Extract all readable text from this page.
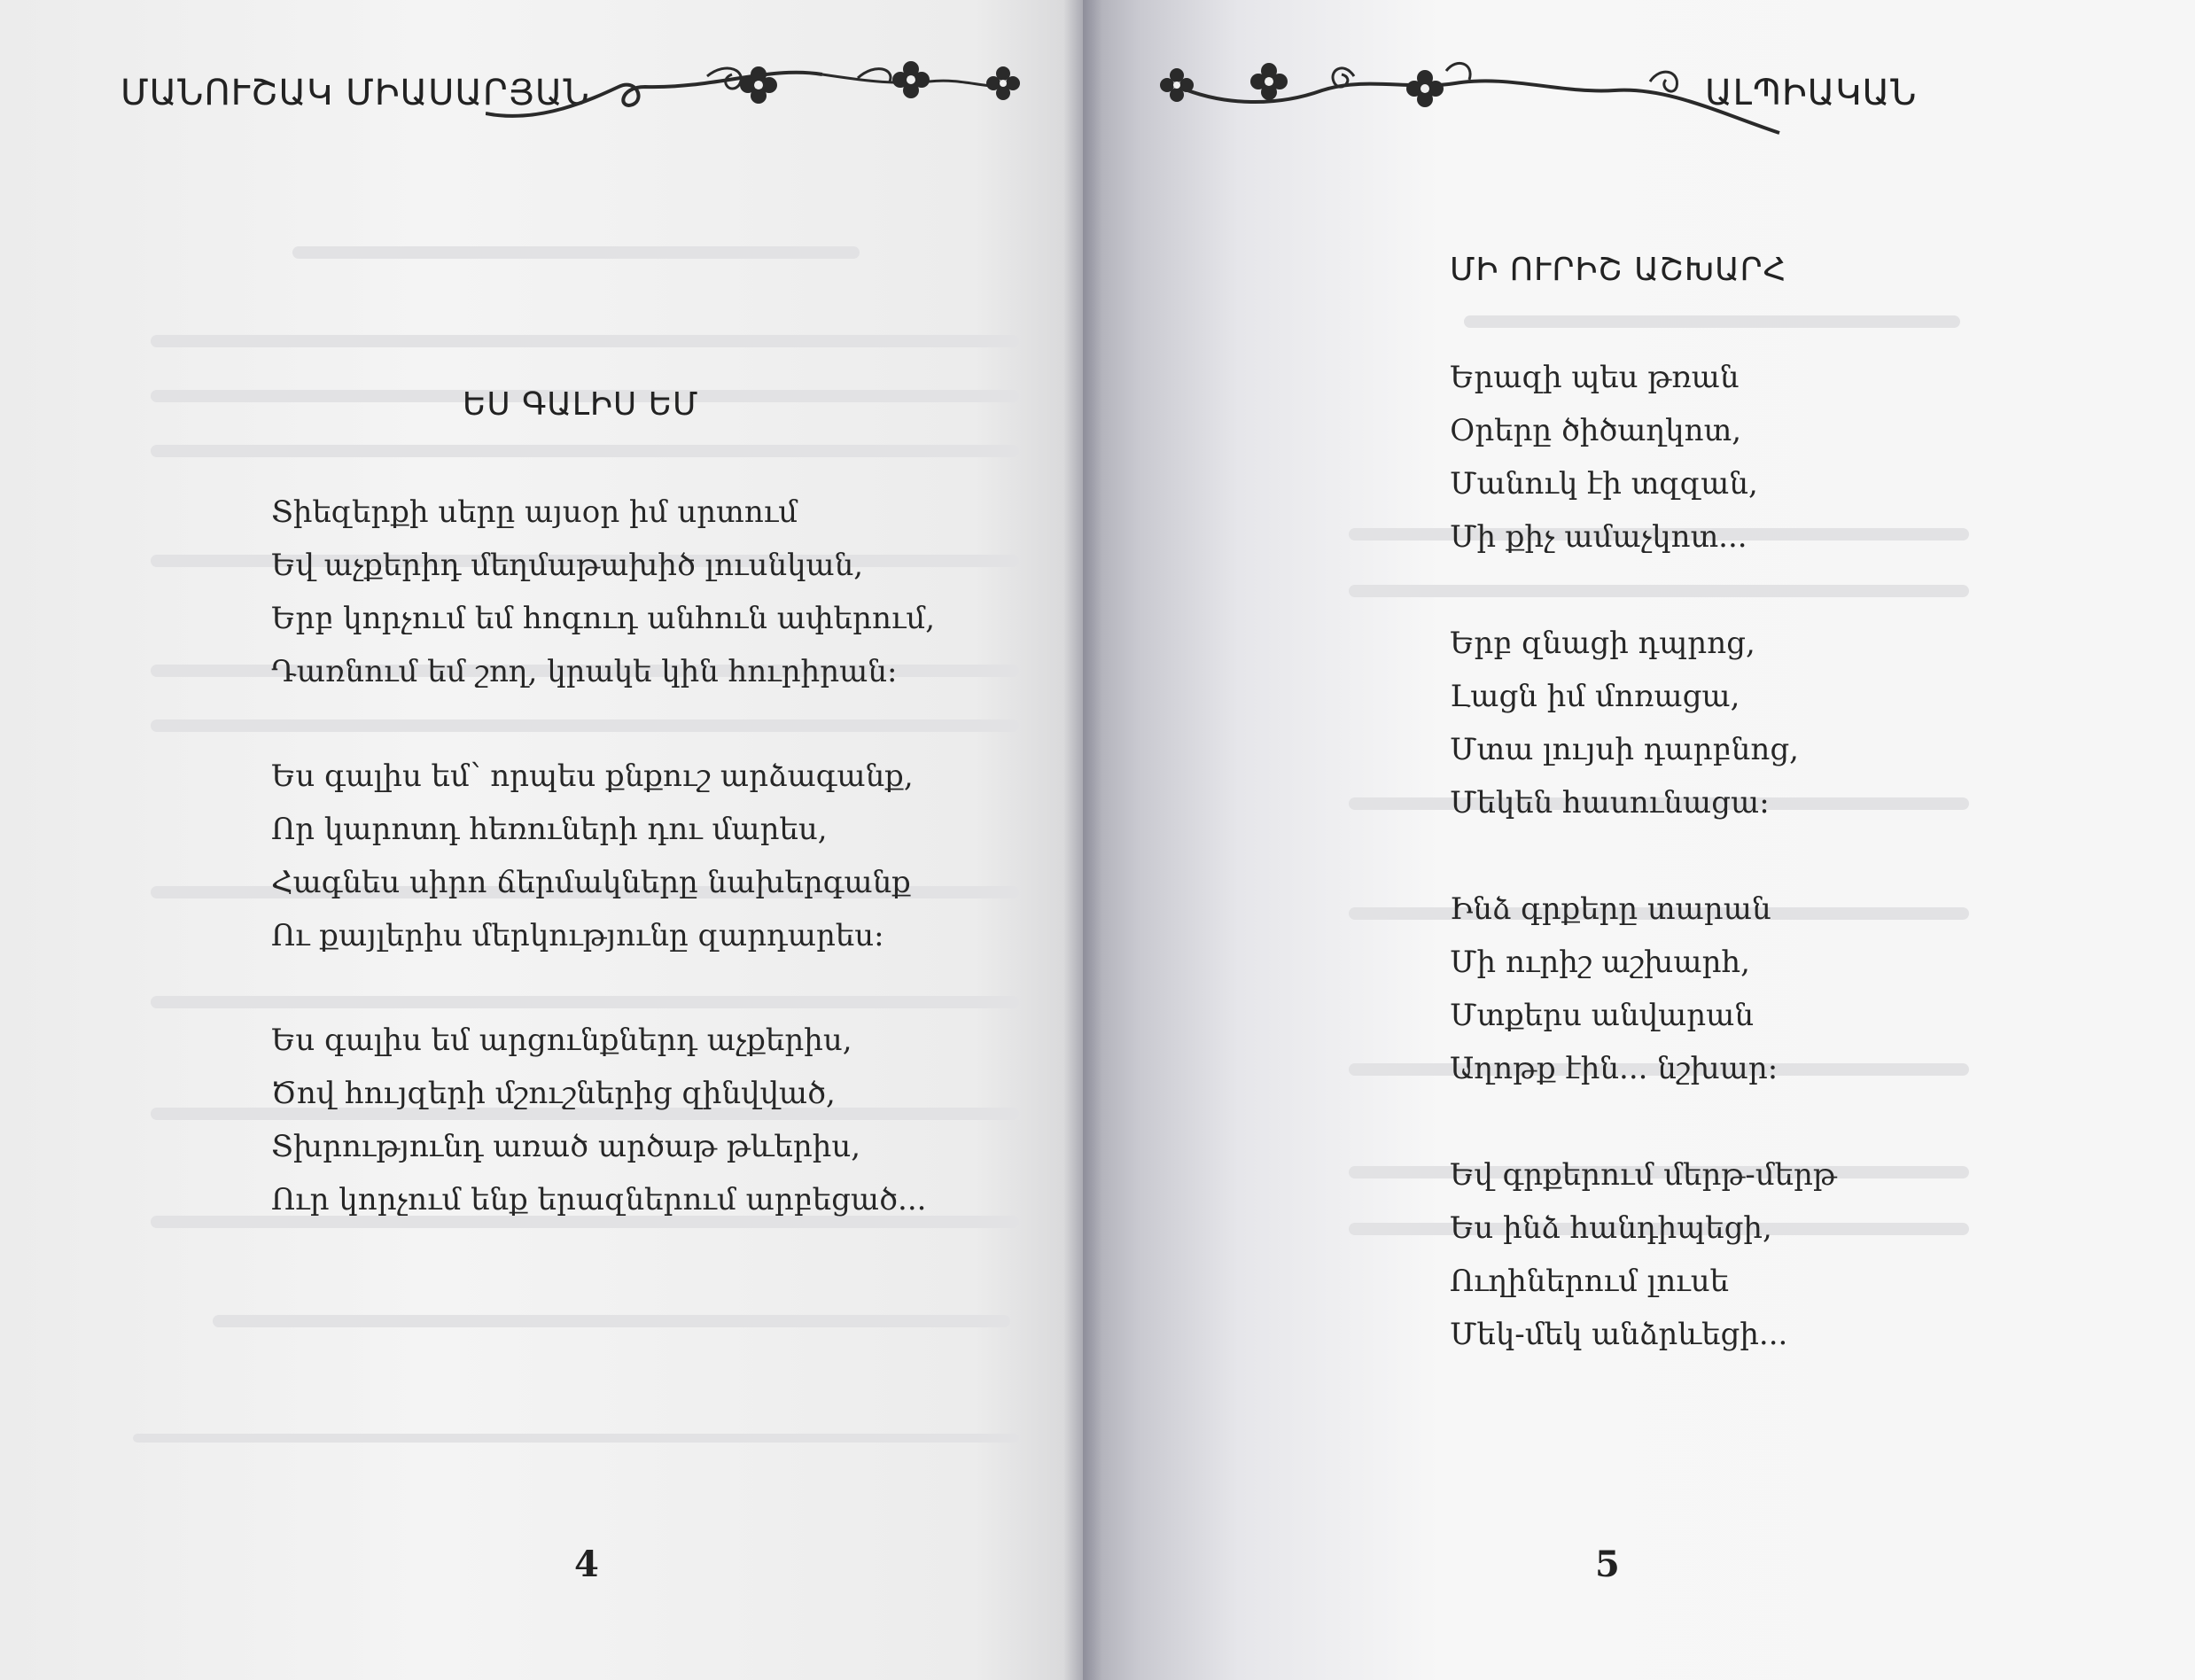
ՄԱՆՈՒՇԱԿ ՄԻԱՍԱՐՅԱՆ
ԵՍ ԳԱԼԻՍ ԵՄ
Տիեզերքի սերը այսօր իմ սրտում
Եվ աչքերիդ մեղմաթախիծ լուսնկան,
Երբ կորչում եմ հոգուդ անհուն ափերում,
Դառնում եմ շող, կրակե կին հուրիրան։
Ես գալիս եմ՝ որպես քնքուշ արձագանք,
Որ կարոտդ հեռուների դու մարես,
Հագնես սիրո ճերմակները նախերգանք
Ու քայլերիս մերկությունը զարդարես։
Ես գալիս եմ արցունքներդ աչքերիս,
Ծով հույզերի մշուշներից զինվված,
Տխրությունդ առած արծաթ թևերիս,
Ուր կորչում ենք երազներում արբեցած...
4
ԱԼՊԻԱԿԱՆ
ՄԻ ՈՒՐԻՇ ԱՇԽԱՐՀ
Երազի պես թռան
Օրերը ծիծաղկոտ,
Մանուկ էի տզզան,
Մի քիչ ամաչկոտ...
Երբ զնացի դպրոց,
Լացն իմ մոռացա,
Մտա լույսի դարբնոց,
Մեկեն հասունացա։
Ինձ գրքերը տարան
Մի ուրիշ աշխարհ,
Մտքերս անվարան
Աղոթք էին... նշխար։
Եվ գրքերում մերթ-մերթ
Ես ինձ հանդիպեցի,
Ուղիներում լուսե
Մեկ-մեկ անձրևեցի...
5
